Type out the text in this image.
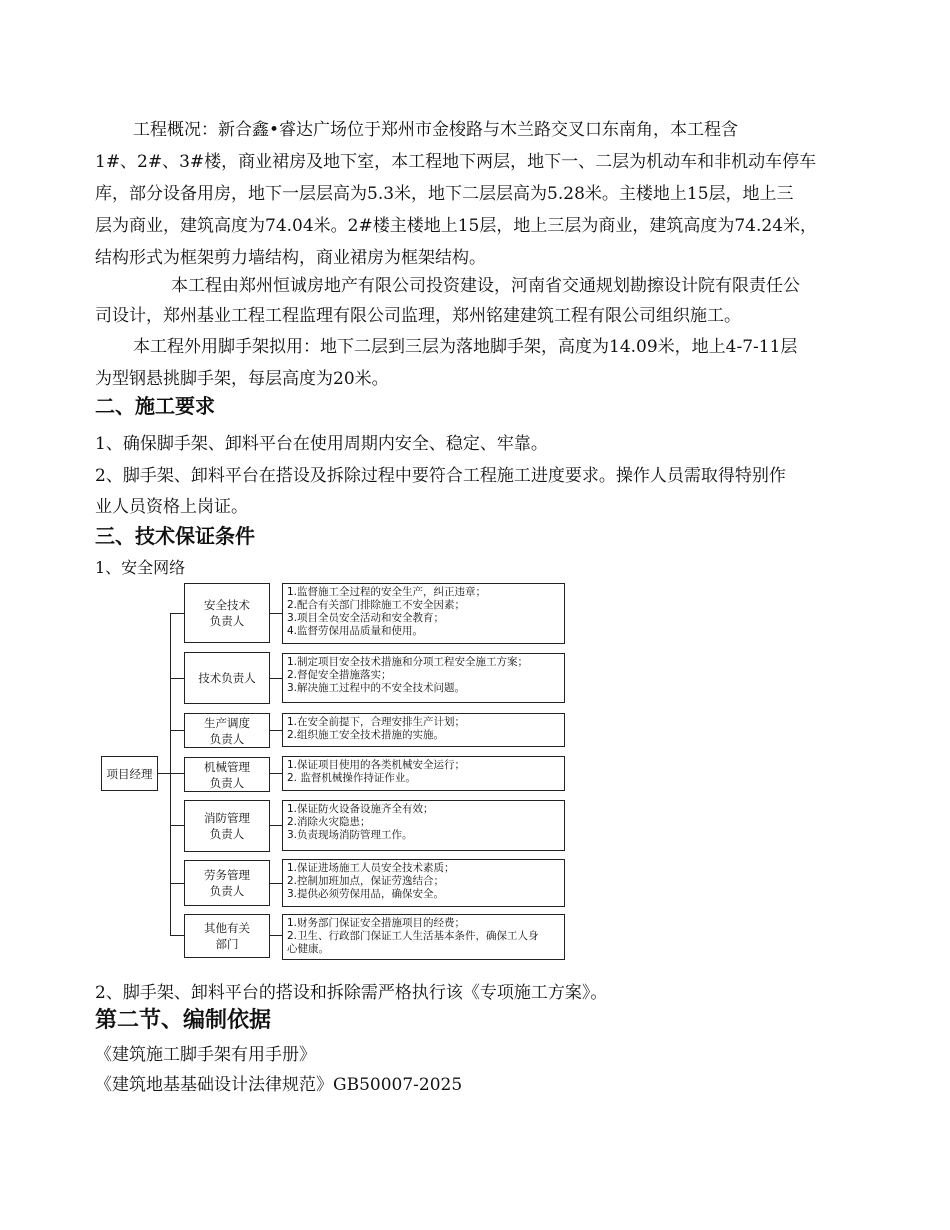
工程概况：新合鑫•睿达广场位于郑州市金梭路与木兰路交叉口东南角，本工程含
1#、2#、3#楼，商业裙房及地下室，本工程地下两层，地下一、二层为机动车和非机动车停车
库，部分设备用房，地下一层层高为5.3米，地下二层层高为5.28米。主楼地上15层，地上三
层为商业，建筑高度为74.04米。2#楼主楼地上15层，地上三层为商业，建筑高度为74.24米，
结构形式为框架剪力墙结构，商业裙房为框架结构。
本工程由郑州恒诚房地产有限公司投资建设，河南省交通规划勘擦设计院有限责任公
司设计，郑州基业工程工程监理有限公司监理，郑州铭建建筑工程有限公司组织施工。
本工程外用脚手架拟用：地下二层到三层为落地脚手架，高度为14.09米，地上4-7-11层
为型钢悬挑脚手架，每层高度为20米。
二、施工要求
1、确保脚手架、卸料平台在使用周期内安全、稳定、牢靠。
2、脚手架、卸料平台在搭设及拆除过程中要符合工程施工进度要求。操作人员需取得特别作
业人员资格上岗证。
三、技术保证条件
1、安全网络
项目经理
安全技术
负责人
1.监督施工全过程的安全生产，纠正违章；
2.配合有关部门排除施工不安全因素；
3.项目全员安全活动和安全教育；
4.监督劳保用品质量和使用。
技术负责人
1.制定项目安全技术措施和分项工程安全施工方案；
2.督促安全措施落实；
3.解决施工过程中的不安全技术问题。
生产调度
负责人
1.在安全前提下，合理安排生产计划；
2.组织施工安全技术措施的实施。
机械管理
负责人
1.保证项目使用的各类机械安全运行；
2. 监督机械操作持证作业。
消防管理
负责人
1.保证防火设备设施齐全有效；
2.消除火灾隐患；
3.负责现场消防管理工作。
劳务管理
负责人
1.保证进场施工人员安全技术素质；
2.控制加班加点，保证劳逸结合；
3.提供必须劳保用品，确保安全。
其他有关
部门
1.财务部门保证安全措施项目的经费；
2.卫生、行政部门保证工人生活基本条件，确保工人身
心健康。
2、脚手架、卸料平台的搭设和拆除需严格执行该《专项施工方案》。
第二节、编制依据
《建筑施工脚手架有用手册》
《建筑地基基础设计法律规范》GB50007-2025
